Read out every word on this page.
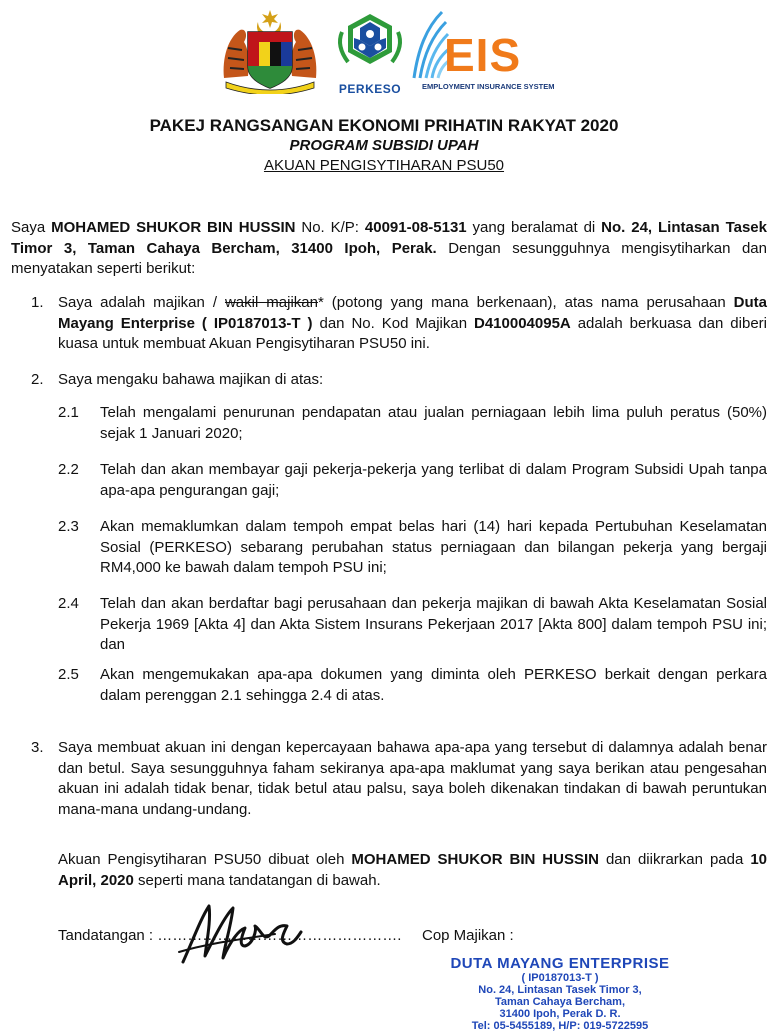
PERKESO
EIS
EMPLOYMENT INSURANCE SYSTEM
PAKEJ RANGSANGAN EKONOMI PRIHATIN RAKYAT 2020
PROGRAM SUBSIDI UPAH
AKUAN PENGISYTIHARAN PSU50
Saya MOHAMED SHUKOR BIN HUSSIN No. K/P: 40091-08-5131 yang beralamat di No. 24, Lintasan Tasek Timor 3, Taman Cahaya Bercham, 31400 Ipoh, Perak. Dengan sesungguhnya mengisytiharkan dan menyatakan seperti berikut:
1. Saya adalah majikan / wakil majikan* (potong yang mana berkenaan), atas nama perusahaan Duta Mayang Enterprise ( IP0187013-T ) dan No. Kod Majikan D410004095A adalah berkuasa dan diberi kuasa untuk membuat Akuan Pengisytiharan PSU50 ini.
2. Saya mengaku bahawa majikan di atas:
2.1 Telah mengalami penurunan pendapatan atau jualan perniagaan lebih lima puluh peratus (50%) sejak 1 Januari 2020;
2.2 Telah dan akan membayar gaji pekerja-pekerja yang terlibat di dalam Program Subsidi Upah tanpa apa-apa pengurangan gaji;
2.3 Akan memaklumkan dalam tempoh empat belas hari (14) hari kepada Pertubuhan Keselamatan Sosial (PERKESO) sebarang perubahan status perniagaan dan bilangan pekerja yang bergaji RM4,000 ke bawah dalam tempoh PSU ini;
2.4 Telah dan akan berdaftar bagi perusahaan dan pekerja majikan di bawah Akta Keselamatan Sosial Pekerja 1969 [Akta 4] dan Akta Sistem Insurans Pekerjaan 2017 [Akta 800] dalam tempoh PSU ini; dan
2.5 Akan mengemukakan apa-apa dokumen yang diminta oleh PERKESO berkait dengan perkara dalam perenggan 2.1 sehingga 2.4 di atas.
3. Saya membuat akuan ini dengan kepercayaan bahawa apa-apa yang tersebut di dalamnya adalah benar dan betul. Saya sesungguhnya faham sekiranya apa-apa maklumat yang saya berikan atau pengesahan akuan ini adalah tidak benar, tidak betul atau palsu, saya boleh dikenakan tindakan di bawah peruntukan mana-mana undang-undang.
Akuan Pengisytiharan PSU50 dibuat oleh MOHAMED SHUKOR BIN HUSSIN dan diikrarkan pada 10 April, 2020 seperti mana tandatangan di bawah.
Tandatangan : …………………………………………. Cop Majikan :
DUTA MAYANG ENTERPRISE
( IP0187013-T )
No. 24, Lintasan Tasek Timor 3,
Taman Cahaya Bercham,
31400 Ipoh, Perak D. R.
Tel: 05-5455189, H/P: 019-5722595
